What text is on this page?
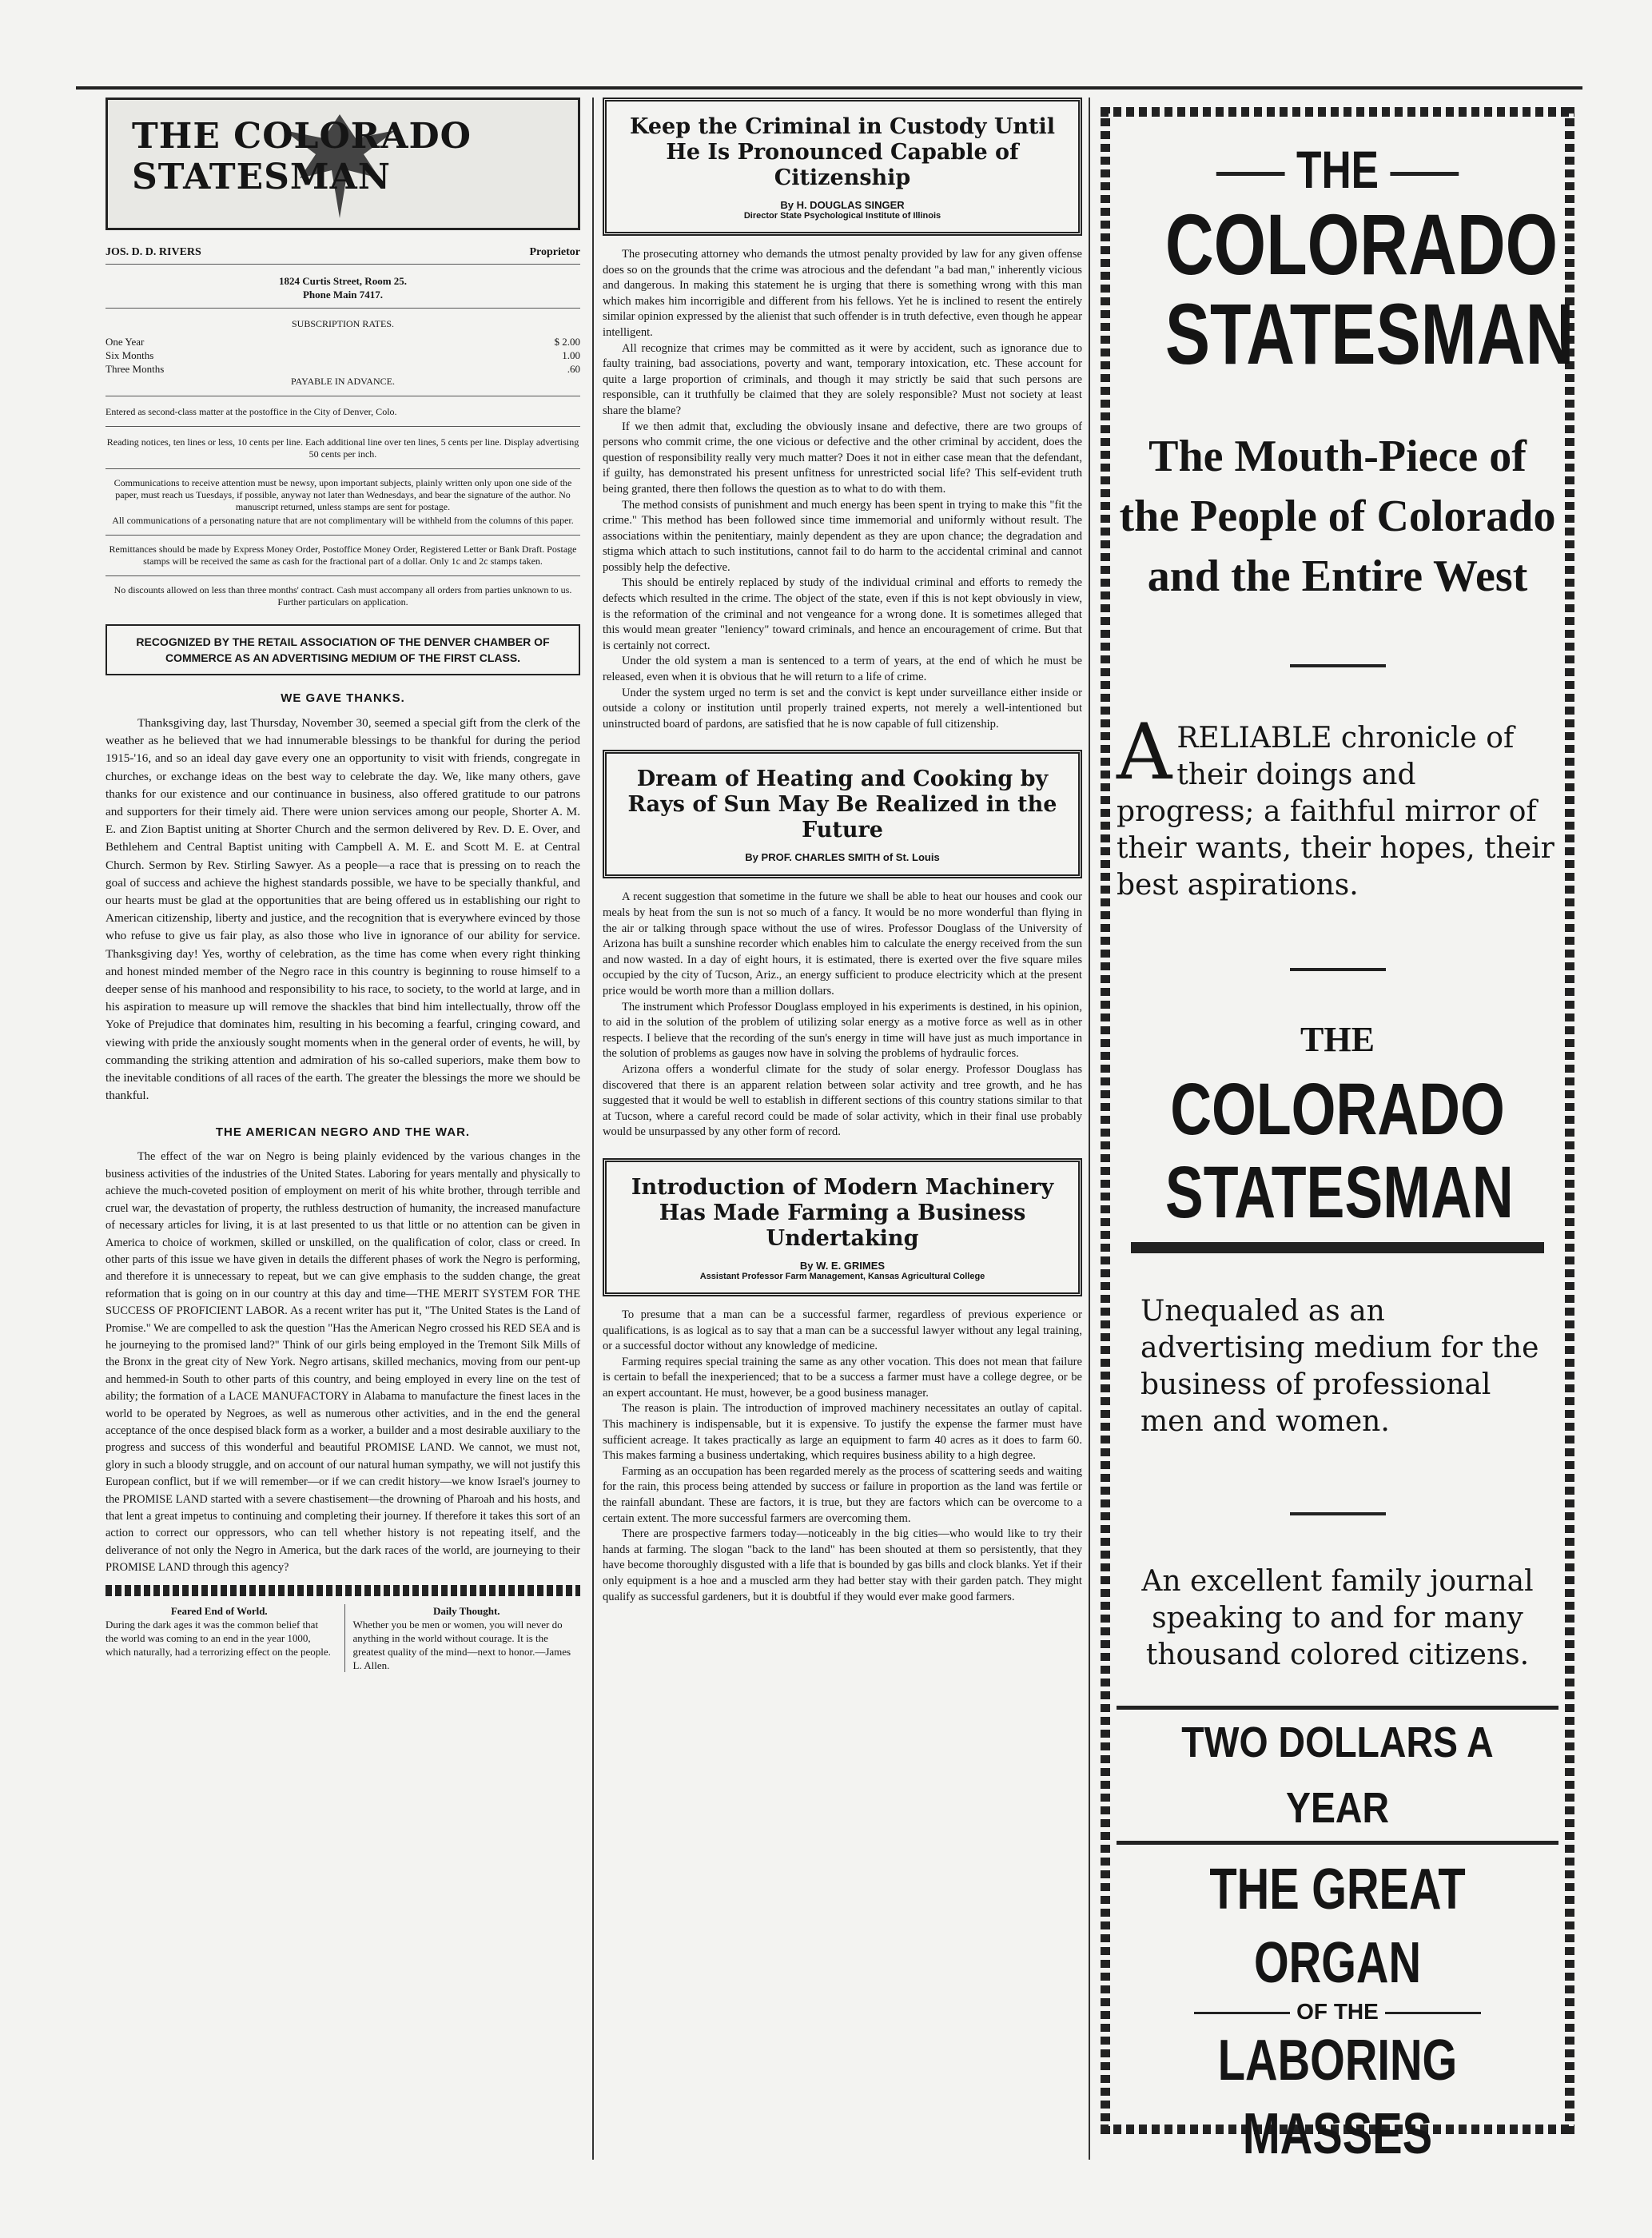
THE COLORADO STATESMAN
JOS. D. D. RIVERS	Proprietor
1824 Curtis Street, Room 25.
Phone Main 7417.
SUBSCRIPTION RATES.
One Year	$ 2.00
Six Months	1.00
Three Months	.60
PAYABLE IN ADVANCE.

Entered as second-class matter at the postoffice in the City of Denver, Colo.

Reading notices, ten lines or less, 10 cents per line. Each additional line over ten lines, 5 cents per line. Display advertising 50 cents per inch.

Communications to receive attention must be newsy, upon important subjects, plainly written only upon one side of the paper, must reach us Tuesdays, if possible, anyway not later than Wednesdays, and bear the signature of the author. No manuscript returned, unless stamps are sent for postage.

All communications of a personating nature that are not complimentary will be withheld from the columns of this paper.

Remittances should be made by Express Money Order, Postoffice Money Order, Registered Letter or Bank Draft. Postage stamps will be received the same as cash for the fractional part of a dollar. Only 1c and 2c stamps taken.

No discounts allowed on less than three months' contract. Cash must accompany all orders from parties unknown to us. Further particulars on application.

RECOGNIZED BY THE RETAIL ASSOCIATION OF THE DENVER CHAMBER OF COMMERCE AS AN ADVERTISING MEDIUM OF THE FIRST CLASS.
WE GAVE THANKS.

Thanksgiving day, last Thursday, November 30, seemed a special gift from the clerk of the weather as he believed that we had innumerable blessings to be thankful for during the period 1915-'16, and so an ideal day gave every one an opportunity to visit with friends, congregate in churches, or exchange ideas on the best way to celebrate the day. We, like many others, gave thanks for our existence and our continuance in business, also offered gratitude to our patrons and supporters for their timely aid. There were union services among our people, Shorter A. M. E. and Zion Baptist uniting at Shorter Church and the sermon delivered by Rev. D. E. Over, and Bethlehem and Central Baptist uniting with Campbell A. M. E. and Scott M. E. at Central Church. Sermon by Rev. Stirling Sawyer. As a people—a race that is pressing on to reach the goal of success and achieve the highest standards possible, we have to be specially thankful, and our hearts must be glad at the opportunities that are being offered us in establishing our right to American citizenship, liberty and justice, and the recognition that is everywhere evinced by those who refuse to give us fair play, as also those who live in ignorance of our ability for service. Thanksgiving day! Yes, worthy of celebration, as the time has come when every right thinking and honest minded member of the Negro race in this country is beginning to rouse himself to a deeper sense of his manhood and responsibility to his race, to society, to the world at large, and in his aspiration to measure up will remove the shackles that bind him intellectually, throw off the Yoke of Prejudice that dominates him, resulting in his becoming a fearful, cringing coward, and viewing with pride the anxiously sought moments when in the general order of events, he will, by commanding the striking attention and admiration of his so-called superiors, make them bow to the inevitable conditions of all races of the earth. The greater the blessings the more we should be thankful.

THE AMERICAN NEGRO AND THE WAR.

The effect of the war on Negro is being plainly evidenced by the various changes in the business activities of the industries of the United States. Laboring for years mentally and physically to achieve the much-coveted position of employment on merit of his white brother, through terrible and cruel war, the devastation of property, the ruthless destruction of humanity, the increased manufacture of necessary articles for living, it is at last presented to us that little or no attention can be given in America to choice of workmen, skilled or unskilled, on the qualification of color, class or creed. In other parts of this issue we have given in details the different phases of work the Negro is performing, and therefore it is unnecessary to repeat, but we can give emphasis to the sudden change, the great reformation that is going on in our country at this day and time—THE MERIT SYSTEM FOR THE SUCCESS OF PROFICIENT LABOR. As a recent writer has put it, "The United States is the Land of Promise." We are compelled to ask the question "Has the American Negro crossed his RED SEA and is he journeying to the promised land?" Think of our girls being employed in the Tremont Silk Mills of the Bronx in the great city of New York. Negro artisans, skilled mechanics, moving from our pent-up and hemmed-in South to other parts of this country, and being employed in every line on the test of ability; the formation of a LACE MANUFACTORY in Alabama to manufacture the finest laces in the world to be operated by Negroes, as well as numerous other activities, and in the end the general acceptance of the once despised black form as a worker, a builder and a most desirable auxiliary to the progress and success of this wonderful and beautiful PROMISE LAND. We cannot, we must not, glory in such a bloody struggle, and on account of our natural human sympathy, we will not justify this European conflict, but if we will remember—or if we can credit history—we know Israel's journey to the PROMISE LAND started with a severe chastisement—the drowning of Pharoah and his hosts, and that lent a great impetus to continuing and completing their journey. If therefore it takes this sort of an action to correct our oppressors, who can tell whether history is not repeating itself, and the deliverance of not only the Negro in America, but the dark races of the world, are journeying to their PROMISE LAND through this agency?

Feared End of World.
During the dark ages it was the common belief that the world was coming to an end in the year 1000, which naturally, had a terrorizing effect on the people.
Daily Thought.
Whether you be men or women, you will never do anything in the world without courage. It is the greatest quality of the mind—next to honor.—James L. Allen.
Keep the Criminal in Custody Until He Is Pronounced Capable of Citizenship
By H. DOUGLAS SINGER
Director State Psychological Institute of Illinois

The prosecuting attorney who demands the utmost penalty provided by law for any given offense does so on the grounds that the crime was atrocious and the defendant "a bad man," inherently vicious and dangerous. In making this statement he is urging that there is something wrong with this man which makes him incorrigible and different from his fellows. Yet he is inclined to resent the entirely similar opinion expressed by the alienist that such offender is in truth defective, even though he appear intelligent.

All recognize that crimes may be committed as it were by accident, such as ignorance due to faulty training, bad associations, poverty and want, temporary intoxication, etc. These account for quite a large proportion of criminals, and though it may strictly be said that such persons are responsible, can it truthfully be claimed that they are solely responsible? Must not society at least share the blame?

If we then admit that, excluding the obviously insane and defective, there are two groups of persons who commit crime, the one vicious or defective and the other criminal by accident, does the question of responsibility really very much matter? Does it not in either case mean that the defendant, if guilty, has demonstrated his present unfitness for unrestricted social life? This self-evident truth being granted, there then follows the question as to what to do with them.

The method consists of punishment and much energy has been spent in trying to make this "fit the crime." This method has been followed since time immemorial and uniformly without result. The associations within the penitentiary, mainly dependent as they are upon chance; the degradation and stigma which attach to such institutions, cannot fail to do harm to the accidental criminal and cannot possibly help the defective.

This should be entirely replaced by study of the individual criminal and efforts to remedy the defects which resulted in the crime. The object of the state, even if this is not kept obviously in view, is the reformation of the criminal and not vengeance for a wrong done. It is sometimes alleged that this would mean greater "leniency" toward criminals, and hence an encouragement of crime. But that is certainly not correct.

Under the old system a man is sentenced to a term of years, at the end of which he must be released, even when it is obvious that he will return to a life of crime.

Under the system urged no term is set and the convict is kept under surveillance either inside or outside a colony or institution until properly trained experts, not merely a well-intentioned but uninstructed board of pardons, are satisfied that he is now capable of full citizenship.

Dream of Heating and Cooking by Rays of Sun May Be Realized in the Future
By PROF. CHARLES SMITH of St. Louis

A recent suggestion that sometime in the future we shall be able to heat our houses and cook our meals by heat from the sun is not so much of a fancy. It would be no more wonderful than flying in the air or talking through space without the use of wires. Professor Douglass of the University of Arizona has built a sunshine recorder which enables him to calculate the energy received from the sun and now wasted. In a day of eight hours, it is estimated, there is exerted over the five square miles occupied by the city of Tucson, Ariz., an energy sufficient to produce electricity which at the present price would be worth more than a million dollars.

The instrument which Professor Douglass employed in his experiments is destined, in his opinion, to aid in the solution of the problem of utilizing solar energy as a motive force as well as in other respects. I believe that the recording of the sun's energy in time will have just as much importance in the solution of problems as gauges now have in solving the problems of hydraulic forces.

Arizona offers a wonderful climate for the study of solar energy. Professor Douglass has discovered that there is an apparent relation between solar activity and tree growth, and he has suggested that it would be well to establish in different sections of this country stations similar to that at Tucson, where a careful record could be made of solar activity, which in their final use probably would be unsurpassed by any other form of record.

Introduction of Modern Machinery Has Made Farming a Business Undertaking
By W. E. GRIMES
Assistant Professor Farm Management, Kansas Agricultural College

To presume that a man can be a successful farmer, regardless of previous experience or qualifications, is as logical as to say that a man can be a successful lawyer without any legal training, or a successful doctor without any knowledge of medicine.

Farming requires special training the same as any other vocation. This does not mean that failure is certain to befall the inexperienced; that to be a success a farmer must have a college degree, or be an expert accountant. He must, however, be a good business manager.

The reason is plain. The introduction of improved machinery necessitates an outlay of capital. This machinery is indispensable, but it is expensive. To justify the expense the farmer must have sufficient acreage. It takes practically as large an equipment to farm 40 acres as it does to farm 60. This makes farming a business undertaking, which requires business ability to a high degree.

Farming as an occupation has been regarded merely as the process of scattering seeds and waiting for the rain, this process being attended by success or failure in proportion as the land was fertile or the rainfall abundant. These are factors, it is true, but they are factors which can be overcome to a certain extent. The more successful farmers are overcoming them.

There are prospective farmers today—noticeably in the big cities—who would like to try their hands at farming. The slogan "back to the land" has been shouted at them so persistently, that they have become thoroughly disgusted with a life that is bounded by gas bills and clock blanks. Yet if their only equipment is a hoe and a muscled arm they had better stay with their garden patch. They might qualify as successful gardeners, but it is doubtful if they would ever make good farmers.

THE
COLORADO
STATESMAN
The Mouth-Piece of the People of Colorado and the Entire West
A RELIABLE chronicle of their doings and progress; a faithful mirror of their wants, their hopes, their best aspirations.
THE
COLORADO
STATESMAN
Unequaled as an advertising medium for the business of professional men and women.
An excellent family journal speaking to and for many thousand colored citizens.
TWO DOLLARS A YEAR
THE GREAT ORGAN
OF THE
LABORING MASSES
